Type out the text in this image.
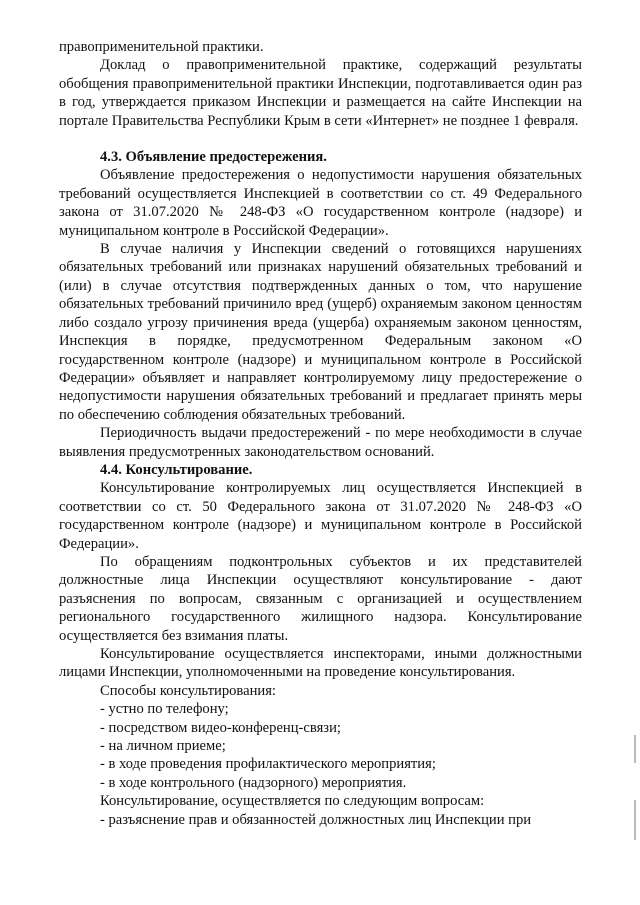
правоприменительной практики.

Доклад о правоприменительной практике, содержащий результаты обобщения правоприменительной практики Инспекции, подготавливается один раз в год, утверждается приказом Инспекции и размещается на сайте Инспекции на портале Правительства Республики Крым в сети «Интернет» не позднее 1 февраля.

4.3. Объявление предостережения.

Объявление предостережения о недопустимости нарушения обязательных требований осуществляется Инспекцией в соответствии со ст. 49 Федерального закона от 31.07.2020 № 248-ФЗ «О государственном контроле (надзоре) и муниципальном контроле в Российской Федерации».

В случае наличия у Инспекции сведений о готовящихся нарушениях обязательных требований или признаках нарушений обязательных требований и (или) в случае отсутствия подтвержденных данных о том, что нарушение обязательных требований причинило вред (ущерб) охраняемым законом ценностям либо создало угрозу причинения вреда (ущерба) охраняемым законом ценностям, Инспекция в порядке, предусмотренном Федеральным законом «О государственном контроле (надзоре) и муниципальном контроле в Российской Федерации» объявляет и направляет контролируемому лицу предостережение о недопустимости нарушения обязательных требований и предлагает принять меры по обеспечению соблюдения обязательных требований.

Периодичность выдачи предостережений - по мере необходимости в случае выявления предусмотренных законодательством оснований.

4.4. Консультирование.

Консультирование контролируемых лиц осуществляется Инспекцией в соответствии со ст. 50 Федерального закона от 31.07.2020 № 248-ФЗ «О государственном контроле (надзоре) и муниципальном контроле в Российской Федерации».

По обращениям подконтрольных субъектов и их представителей должностные лица Инспекции осуществляют консультирование - дают разъяснения по вопросам, связанным с организацией и осуществлением регионального государственного жилищного надзора. Консультирование осуществляется без взимания платы.

Консультирование осуществляется инспекторами, иными должностными лицами Инспекции, уполномоченными на проведение консультирования.

Способы консультирования:

- устно по телефону;

- посредством видео-конференц-связи;

- на личном приеме;

- в ходе проведения профилактического мероприятия;

- в ходе контрольного (надзорного) мероприятия.

Консультирование, осуществляется по следующим вопросам:

- разъяснение прав и обязанностей должностных лиц Инспекции при
